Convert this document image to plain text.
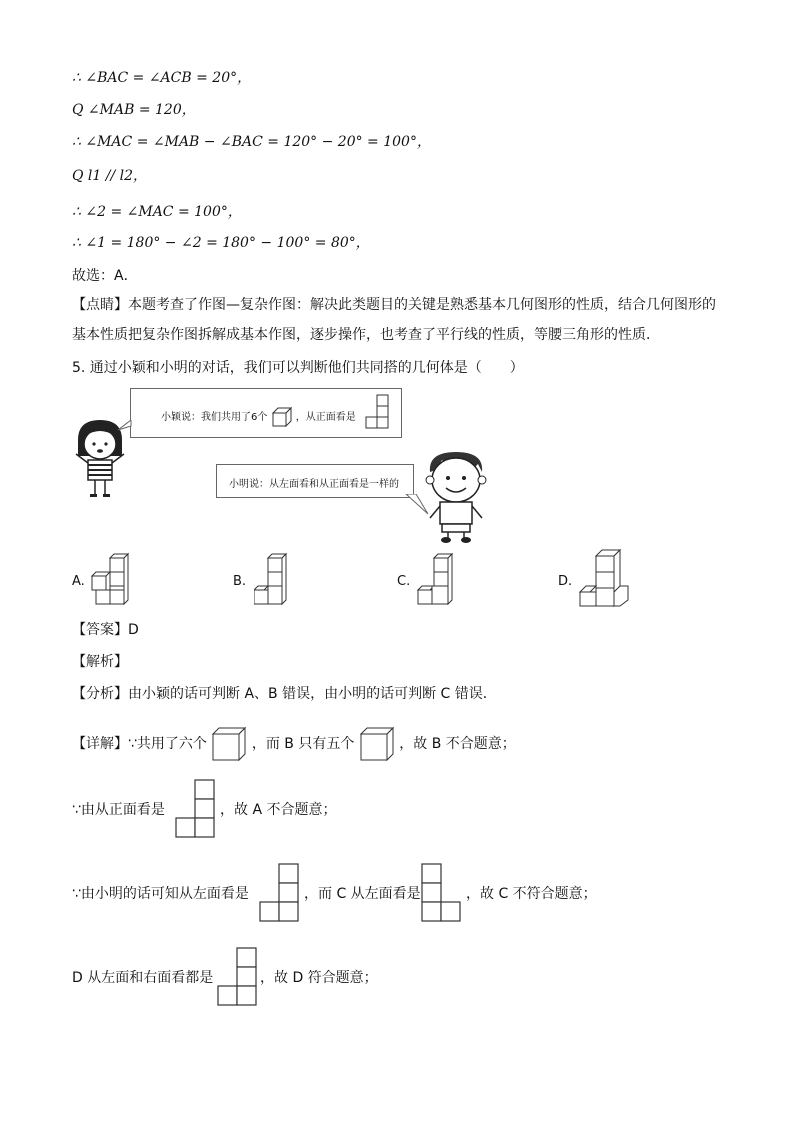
∴ ∠BAC = ∠ACB = 20°，
Q ∠MAB = 120，
∴ ∠MAC = ∠MAB − ∠BAC = 120° − 20° = 100°，
Q l1 // l2，
∴ ∠2 = ∠MAC = 100°，
∴ ∠1 = 180° − ∠2 = 180° − 100° = 80°，
故选：A．
【点睛】本题考查了作图—复杂作图：解决此类题目的关键是熟悉基本几何图形的性质，结合几何图形的基本性质把复杂作图拆解成基本作图，逐步操作，也考查了平行线的性质，等腰三角形的性质．
5. 通过小颖和小明的对话，我们可以判断他们共同搭的几何体是（　　）
小颖说：我们共用了6个	，从正面看是
小明说：从左面看和从正面看是一样的
A.	B.	C.	D.
【答案】D
【解析】
【分析】由小颖的话可判断 A、B 错误，由小明的话可判断 C 错误．
【详解】∵共用了六个	，而 B 只有五个	，故 B 不合题意；
∵由从正面看是	，故 A 不合题意；
∵由小明的话可知从左面看是	，而 C 从左面看是	，故 C 不符合题意；
D 从左面和右面看都是	，故 D 符合题意；
